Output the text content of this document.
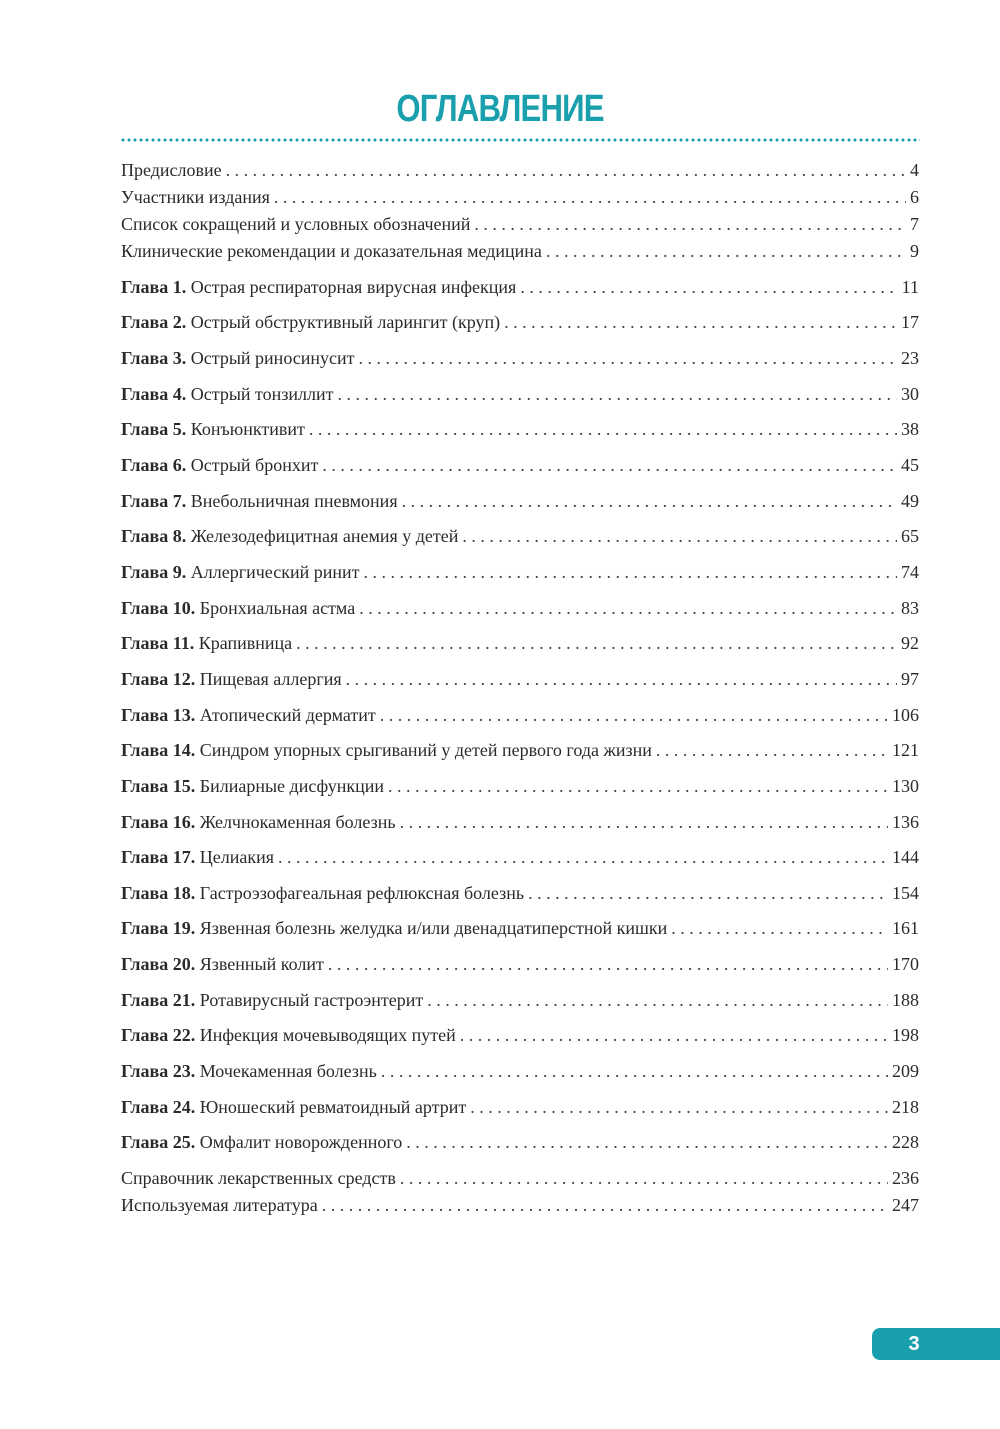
ОГЛАВЛЕНИЕ
Предисловие . . .	4
Участники издания . . .	6
Список сокращений и условных обозначений . . .	7
Клинические рекомендации и доказательная медицина . . .	9
Глава 1. Острая респираторная вирусная инфекция . . .	11
Глава 2. Острый обструктивный ларингит (круп) . . .	17
Глава 3. Острый риносинусит . . .	23
Глава 4. Острый тонзиллит . . .	30
Глава 5. Конъюнктивит . . .	38
Глава 6. Острый бронхит . . .	45
Глава 7. Внебольничная пневмония . . .	49
Глава 8. Железодефицитная анемия у детей . . .	65
Глава 9. Аллергический ринит . . .	74
Глава 10. Бронхиальная астма . . .	83
Глава 11. Крапивница . . .	92
Глава 12. Пищевая аллергия . . .	97
Глава 13. Атопический дерматит . . .	106
Глава 14. Синдром упорных срыгиваний у детей первого года жизни . . .	121
Глава 15. Билиарные дисфункции . . .	130
Глава 16. Желчнокаменная болезнь . . .	136
Глава 17. Целиакия . . .	144
Глава 18. Гастроэзофагеальная рефлюксная болезнь . . .	154
Глава 19. Язвенная болезнь желудка и/или двенадцатиперстной кишки . . .	161
Глава 20. Язвенный колит . . .	170
Глава 21. Ротавирусный гастроэнтерит . . .	188
Глава 22. Инфекция мочевыводящих путей . . .	198
Глава 23. Мочекаменная болезнь . . .	209
Глава 24. Юношеский ревматоидный артрит . . .	218
Глава 25. Омфалит новорожденного . . .	228
Справочник лекарственных средств . . .	236
Используемая литература . . .	247
3
